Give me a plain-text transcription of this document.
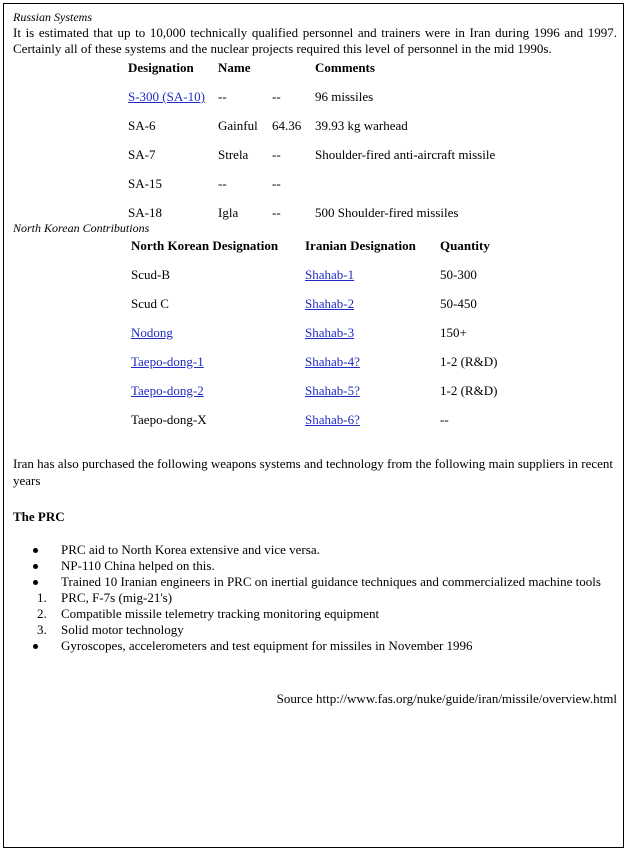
Russian Systems

It is estimated that up to 10,000 technically qualified personnel and trainers were in Iran during 1996 and 1997. Certainly all of these systems and the nuclear projects required this level of personnel in the mid 1990s.

Designation	Name		Comments
S-300 (SA-10)	--	--	96 missiles
SA-6	Gainful	64.36	39.93 kg warhead
SA-7	Strela	--	Shoulder-fired anti-aircraft missile
SA-15	--	--	
SA-18	Igla	--	500 Shoulder-fired missiles
North Korean Contributions
North Korean Designation	Iranian Designation	Quantity
Scud-B	Shahab-1	50-300
Scud C	Shahab-2	50-450
Nodong	Shahab-3	150+
Taepo-dong-1	Shahab-4?	1-2 (R&D)
Taepo-dong-2	Shahab-5?	1-2 (R&D)
Taepo-dong-X	Shahab-6?	--

Iran has also purchased the following weapons systems and technology from the following main suppliers in recent years

The PRC

PRC aid to North Korea extensive and vice versa.
NP-110 China helped on this.
Trained 10 Iranian engineers in PRC on inertial guidance techniques and commercialized machine tools
1. PRC, F-7s (mig-21's)
2. Compatible missile telemetry tracking monitoring equipment
3. Solid motor technology
Gyroscopes, accelerometers and test equipment for missiles in November 1996

Source http://www.fas.org/nuke/guide/iran/missile/overview.html
